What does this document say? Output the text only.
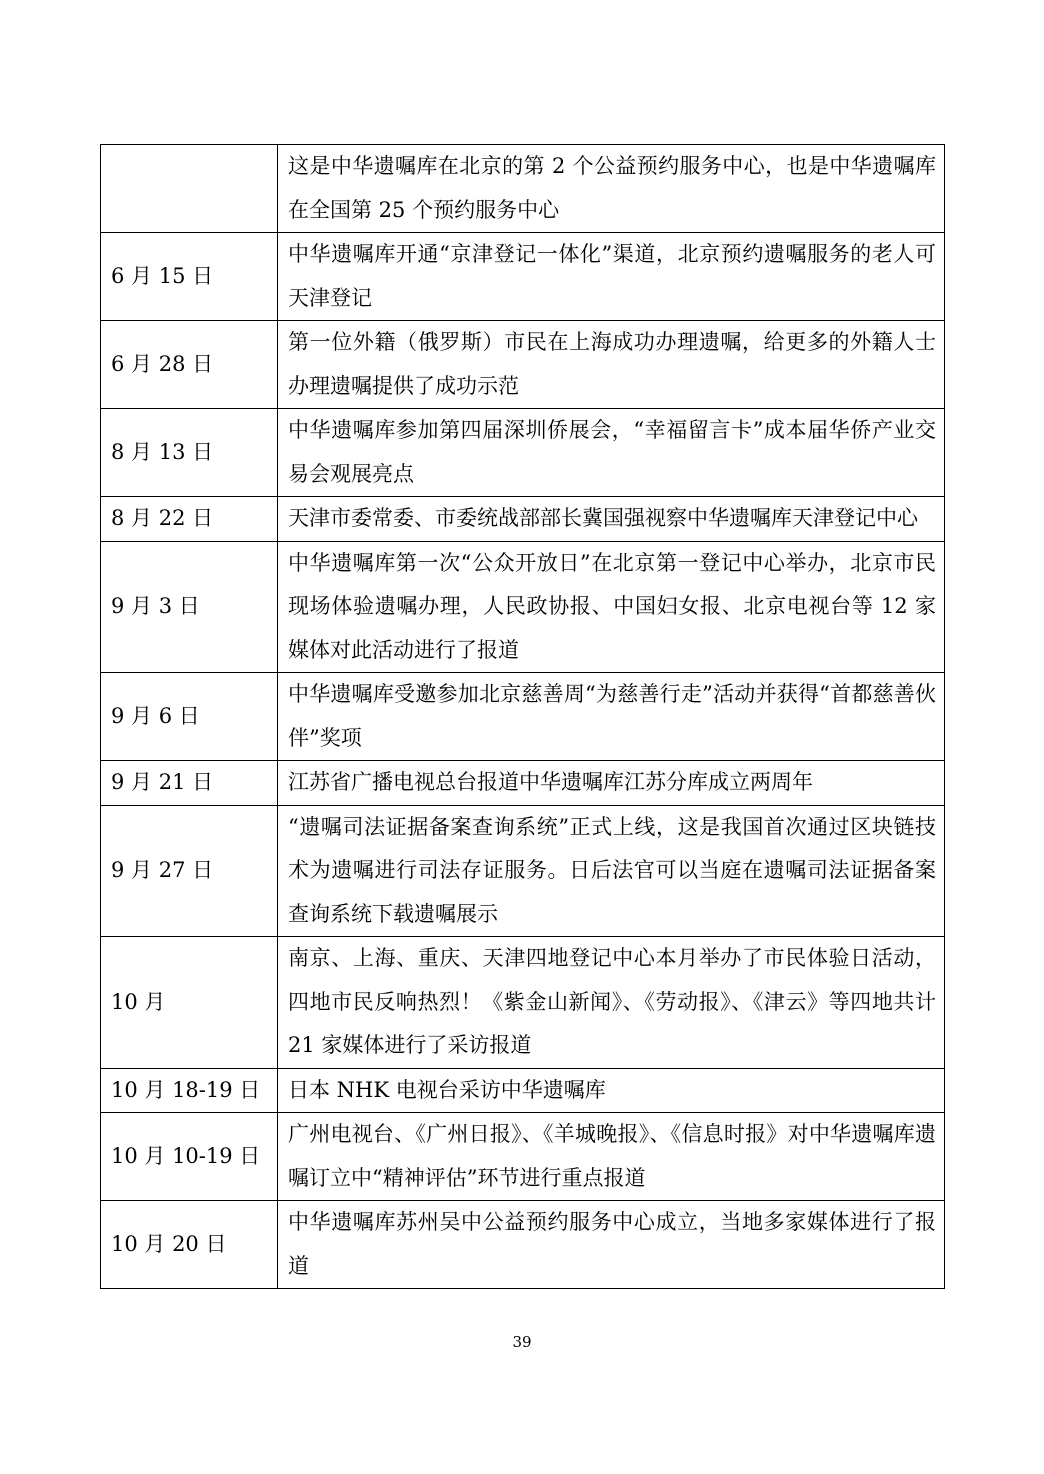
	这是中华遗嘱库在北京的第 2 个公益预约服务中心，也是中华遗嘱库在全国第 25 个预约服务中心
6 月 15 日	中华遗嘱库开通“京津登记一体化”渠道，北京预约遗嘱服务的老人可天津登记
6 月 28 日	第一位外籍（俄罗斯）市民在上海成功办理遗嘱，给更多的外籍人士办理遗嘱提供了成功示范
8 月 13 日	中华遗嘱库参加第四届深圳侨展会，“幸福留言卡”成本届华侨产业交易会观展亮点
8 月 22 日	天津市委常委、市委统战部部长冀国强视察中华遗嘱库天津登记中心
9 月 3 日	中华遗嘱库第一次“公众开放日”在北京第一登记中心举办，北京市民现场体验遗嘱办理，人民政协报、中国妇女报、北京电视台等 12 家媒体对此活动进行了报道
9 月 6 日	中华遗嘱库受邀参加北京慈善周“为慈善行走”活动并获得“首都慈善伙伴”奖项
9 月 21 日	江苏省广播电视总台报道中华遗嘱库江苏分库成立两周年
9 月 27 日	“遗嘱司法证据备案查询系统”正式上线，这是我国首次通过区块链技术为遗嘱进行司法存证服务。日后法官可以当庭在遗嘱司法证据备案查询系统下载遗嘱展示
10 月	南京、上海、重庆、天津四地登记中心本月举办了市民体验日活动，四地市民反响热烈！《紫金山新闻》、《劳动报》、《津云》等四地共计 21 家媒体进行了采访报道
10 月 18-19 日	日本 NHK 电视台采访中华遗嘱库
10 月 10-19 日	广州电视台、《广州日报》、《羊城晚报》、《信息时报》对中华遗嘱库遗嘱订立中“精神评估”环节进行重点报道
10 月 20 日	中华遗嘱库苏州吴中公益预约服务中心成立，当地多家媒体进行了报道
39
